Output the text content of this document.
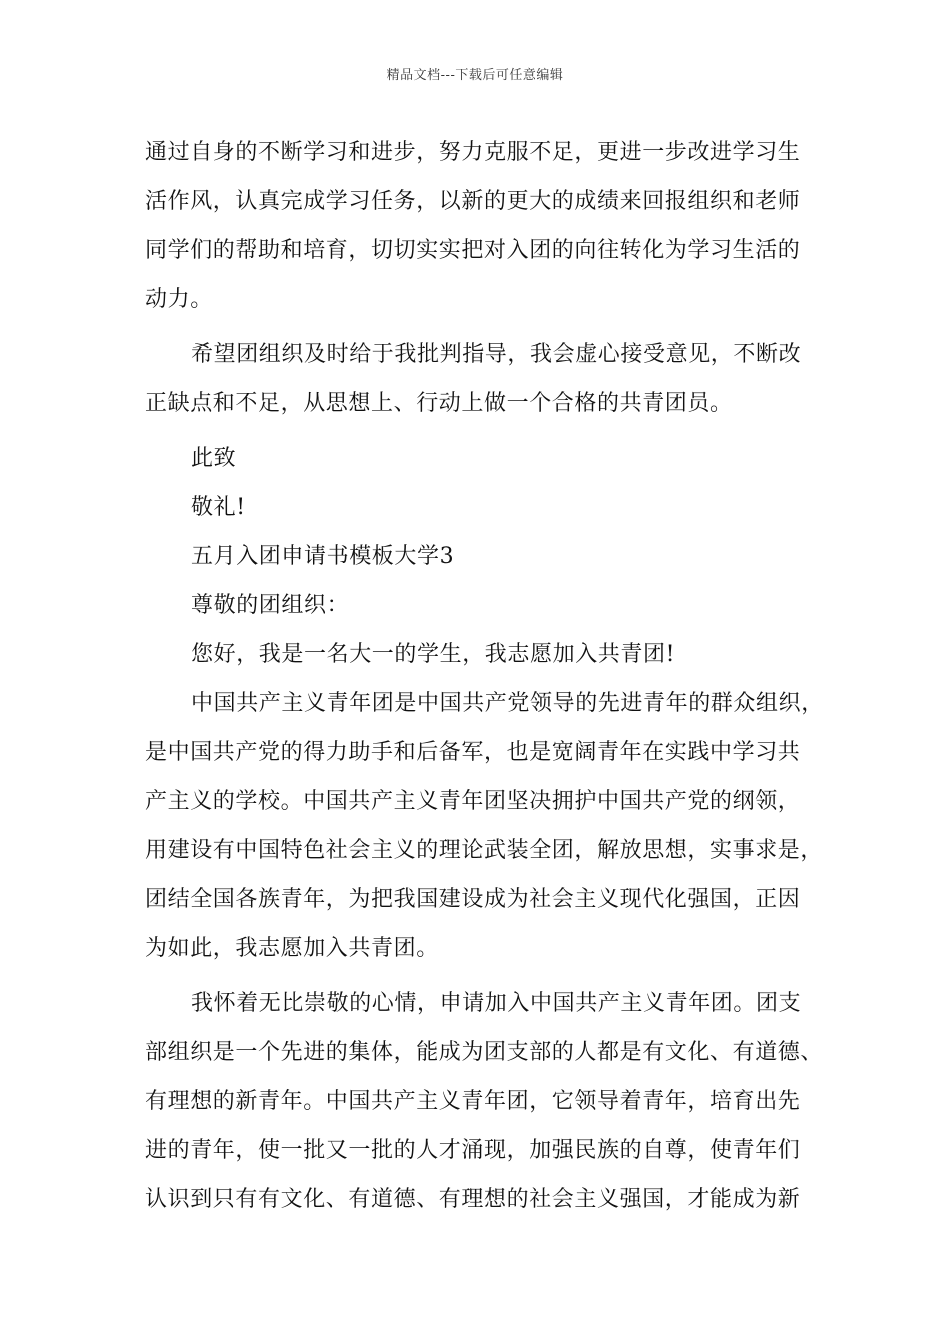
精品文档---下载后可任意编辑
通过自身的不断学习和进步，努力克服不足，更进一步改进学习生
活作风，认真完成学习任务，以新的更大的成绩来回报组织和老师
同学们的帮助和培育，切切实实把对入团的向往转化为学习生活的
动力。
希望团组织及时给于我批判指导，我会虚心接受意见，不断改
正缺点和不足，从思想上、行动上做一个合格的共青团员。
此致
敬礼!
五月入团申请书模板大学3
尊敬的团组织：
您好，我是一名大一的学生，我志愿加入共青团!
中国共产主义青年团是中国共产党领导的先进青年的群众组织，
是中国共产党的得力助手和后备军，也是宽阔青年在实践中学习共
产主义的学校。中国共产主义青年团坚决拥护中国共产党的纲领，
用建设有中国特色社会主义的理论武装全团，解放思想，实事求是，
团结全国各族青年，为把我国建设成为社会主义现代化强国，正因
为如此，我志愿加入共青团。
我怀着无比崇敬的心情，申请加入中国共产主义青年团。团支
部组织是一个先进的集体，能成为团支部的人都是有文化、有道德、
有理想的新青年。中国共产主义青年团，它领导着青年，培育出先
进的青年，使一批又一批的人才涌现，加强民族的自尊，使青年们
认识到只有有文化、有道德、有理想的社会主义强国，才能成为新
